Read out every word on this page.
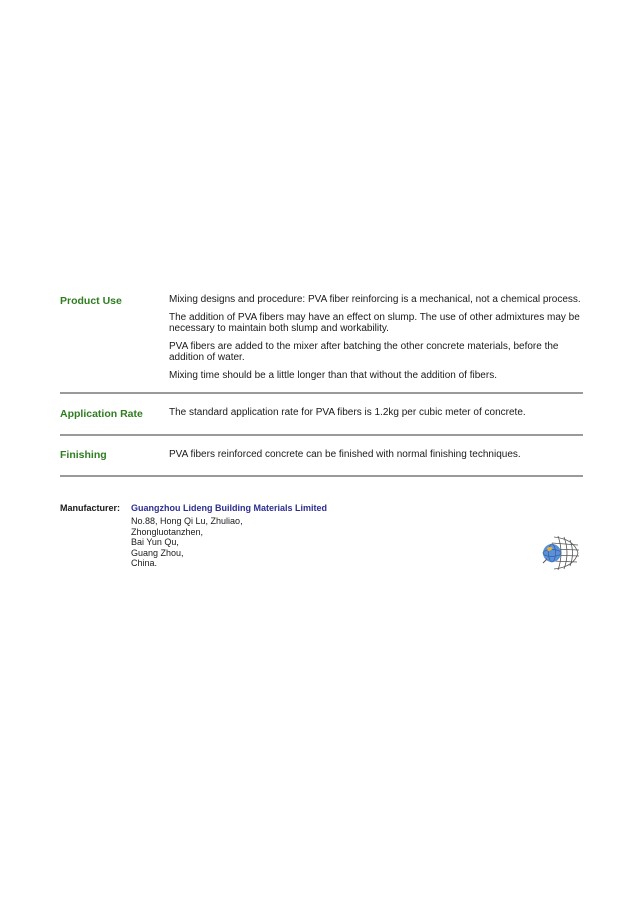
Product Use	Mixing designs and procedure: PVA fiber reinforcing is a mechanical, not a chemical process.

The addition of PVA fibers may have an effect on slump. The use of other admixtures may be necessary to maintain both slump and workability.

PVA fibers are added to the mixer after batching the other concrete materials, before the addition of water.

Mixing time should be a little longer than that without the addition of fibers.

Application Rate	The standard application rate for PVA fibers is 1.2kg per cubic meter of concrete.

Finishing	PVA fibers reinforced concrete can be finished with normal finishing techniques.

Manufacturer: Guangzhou Lideng Building Materials Limited
No.88, Hong Qi Lu, Zhuliao,
Zhongluotanzhen,
Bai Yun Qu,
Guang Zhou,
China.
